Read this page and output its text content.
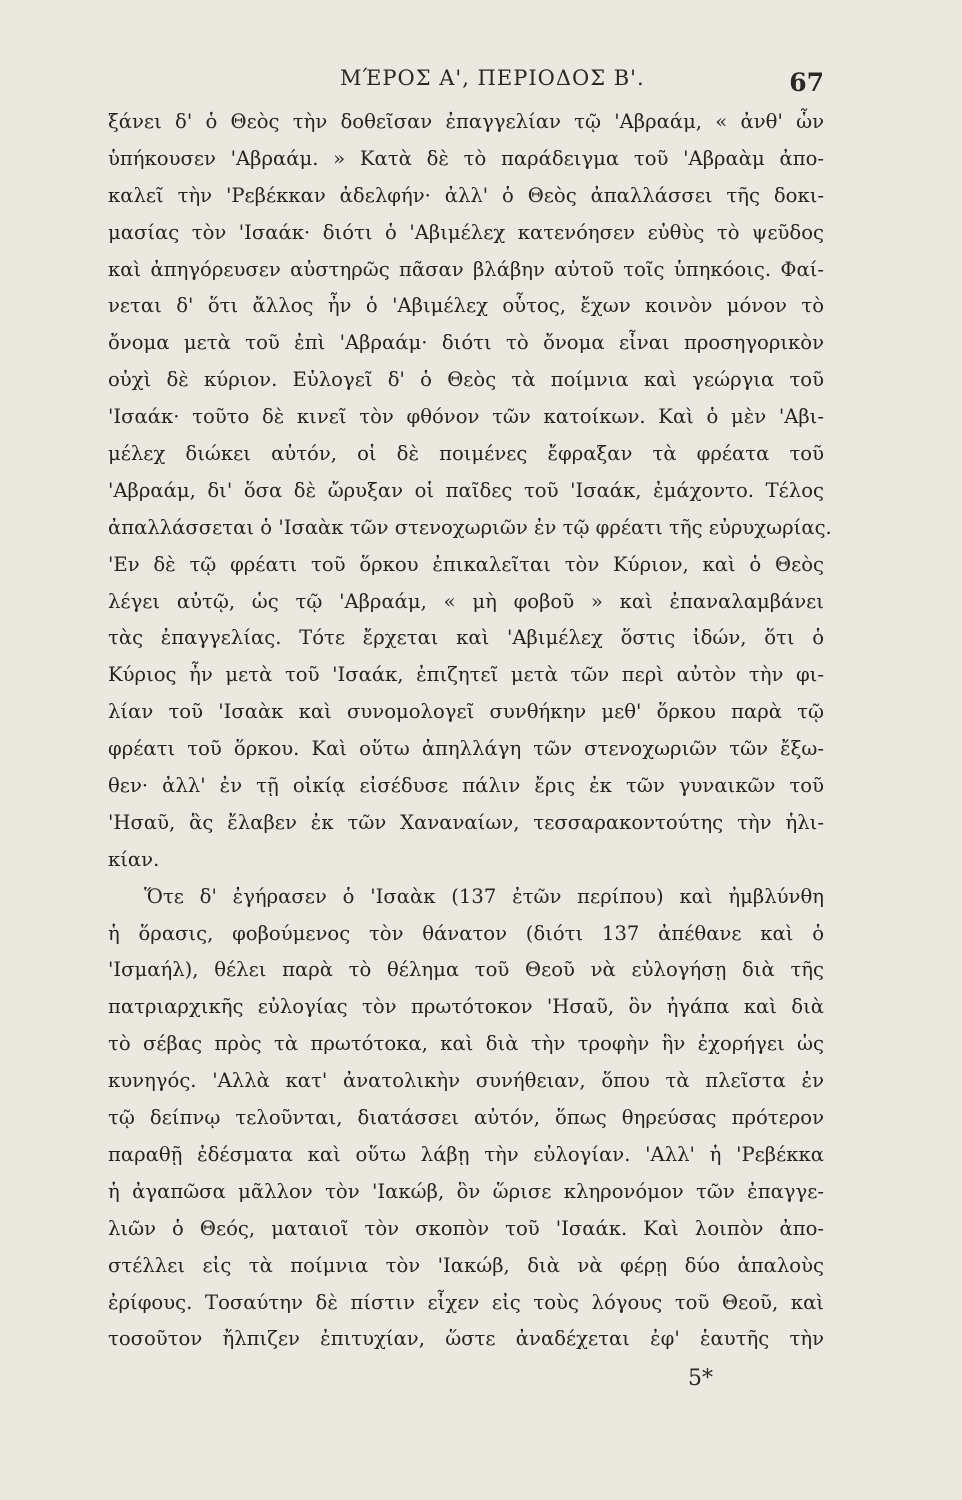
ΜΈΡΟΣ Α', ΠΕΡΙΟΔΟΣ Β'.	67
ξάνει δ' ὁ Θεὸς τὴν δοθεῖσαν ἐπαγγελίαν τῷ 'Αβραάμ, « ἀνθ' ὧν
ὑπήκουσεν 'Αβραάμ. » Κατὰ δὲ τὸ παράδειγμα τοῦ 'Αβραὰμ ἀπο-
καλεῖ τὴν 'Ρεβέκκαν ἀδελφήν· ἀλλ' ὁ Θεὸς ἀπαλλάσσει τῆς δοκι-
μασίας τὸν 'Ισαάκ· διότι ὁ 'Αβιμέλεχ κατενόησεν εὐθὺς τὸ ψεῦδος
καὶ ἀπηγόρευσεν αὐστηρῶς πᾶσαν βλάβην αὐτοῦ τοῖς ὑπηκόοις. Φαί-
νεται δ' ὅτι ἄλλος ἦν ὁ 'Αβιμέλεχ οὗτος, ἔχων κοινὸν μόνον τὸ
ὄνομα μετὰ τοῦ ἐπὶ 'Αβραάμ· διότι τὸ ὄνομα εἶναι προσηγορικὸν
οὐχὶ δὲ κύριον. Εὐλογεῖ δ' ὁ Θεὸς τὰ ποίμνια καὶ γεώργια τοῦ
'Ισαάκ· τοῦτο δὲ κινεῖ τὸν φθόνον τῶν κατοίκων. Καὶ ὁ μὲν 'Αβι-
μέλεχ διώκει αὐτόν, οἱ δὲ ποιμένες ἔφραξαν τὰ φρέατα τοῦ
'Αβραάμ, δι' ὅσα δὲ ὤρυξαν οἱ παῖδες τοῦ 'Ισαάκ, ἐμάχοντο. Τέλος
ἀπαλλάσσεται ὁ 'Ισαὰκ τῶν στενοχωριῶν ἐν τῷ φρέατι τῆς εὐρυχωρίας.
'Εν δὲ τῷ φρέατι τοῦ ὅρκου ἐπικαλεῖται τὸν Κύριον, καὶ ὁ Θεὸς
λέγει αὐτῷ, ὡς τῷ 'Αβραάμ, « μὴ φοβοῦ » καὶ ἐπαναλαμβάνει
τὰς ἐπαγγελίας. Τότε ἔρχεται καὶ 'Αβιμέλεχ ὅστις ἰδών, ὅτι ὁ
Κύριος ἦν μετὰ τοῦ 'Ισαάκ, ἐπιζητεῖ μετὰ τῶν περὶ αὐτὸν τὴν φι-
λίαν τοῦ 'Ισαὰκ καὶ συνομολογεῖ συνθήκην μεθ' ὅρκου παρὰ τῷ
φρέατι τοῦ ὅρκου. Καὶ οὕτω ἀπηλλάγη τῶν στενοχωριῶν τῶν ἔξω-
θεν· ἀλλ' ἐν τῇ οἰκίᾳ εἰσέδυσε πάλιν ἔρις ἐκ τῶν γυναικῶν τοῦ
'Ησαῦ, ἃς ἔλαβεν ἐκ τῶν Χαναναίων, τεσσαρακοντούτης τὴν ἡλι-
κίαν.
Ὅτε δ' ἐγήρασεν ὁ 'Ισαὰκ (137 ἐτῶν περίπου) καὶ ἠμβλύνθη
ἡ ὅρασις, φοβούμενος τὸν θάνατον (διότι 137 ἀπέθανε καὶ ὁ
'Ισμαήλ), θέλει παρὰ τὸ θέλημα τοῦ Θεοῦ νὰ εὐλογήσῃ διὰ τῆς
πατριαρχικῆς εὐλογίας τὸν πρωτότοκον 'Ησαῦ, ὃν ἠγάπα καὶ διὰ
τὸ σέβας πρὸς τὰ πρωτότοκα, καὶ διὰ τὴν τροφὴν ἣν ἐχορήγει ὡς
κυνηγός. 'Αλλὰ κατ' ἀνατολικὴν συνήθειαν, ὅπου τὰ πλεῖστα ἐν
τῷ δείπνῳ τελοῦνται, διατάσσει αὐτόν, ὅπως θηρεύσας πρότερον
παραθῇ ἐδέσματα καὶ οὕτω λάβῃ τὴν εὐλογίαν. 'Αλλ' ἡ 'Ρεβέκκα
ἡ ἀγαπῶσα μᾶλλον τὸν 'Ιακώβ, ὃν ὥρισε κληρονόμον τῶν ἐπαγγε-
λιῶν ὁ Θεός, ματαιοῖ τὸν σκοπὸν τοῦ 'Ισαάκ. Καὶ λοιπὸν ἀπο-
στέλλει εἰς τὰ ποίμνια τὸν 'Ιακώβ, διὰ νὰ φέρῃ δύο ἁπαλοὺς
ἐρίφους. Τοσαύτην δὲ πίστιν εἶχεν εἰς τοὺς λόγους τοῦ Θεοῦ, καὶ
τοσοῦτον ἤλπιζεν ἐπιτυχίαν, ὥστε ἀναδέχεται ἐφ' ἑαυτῆς τὴν
5*
